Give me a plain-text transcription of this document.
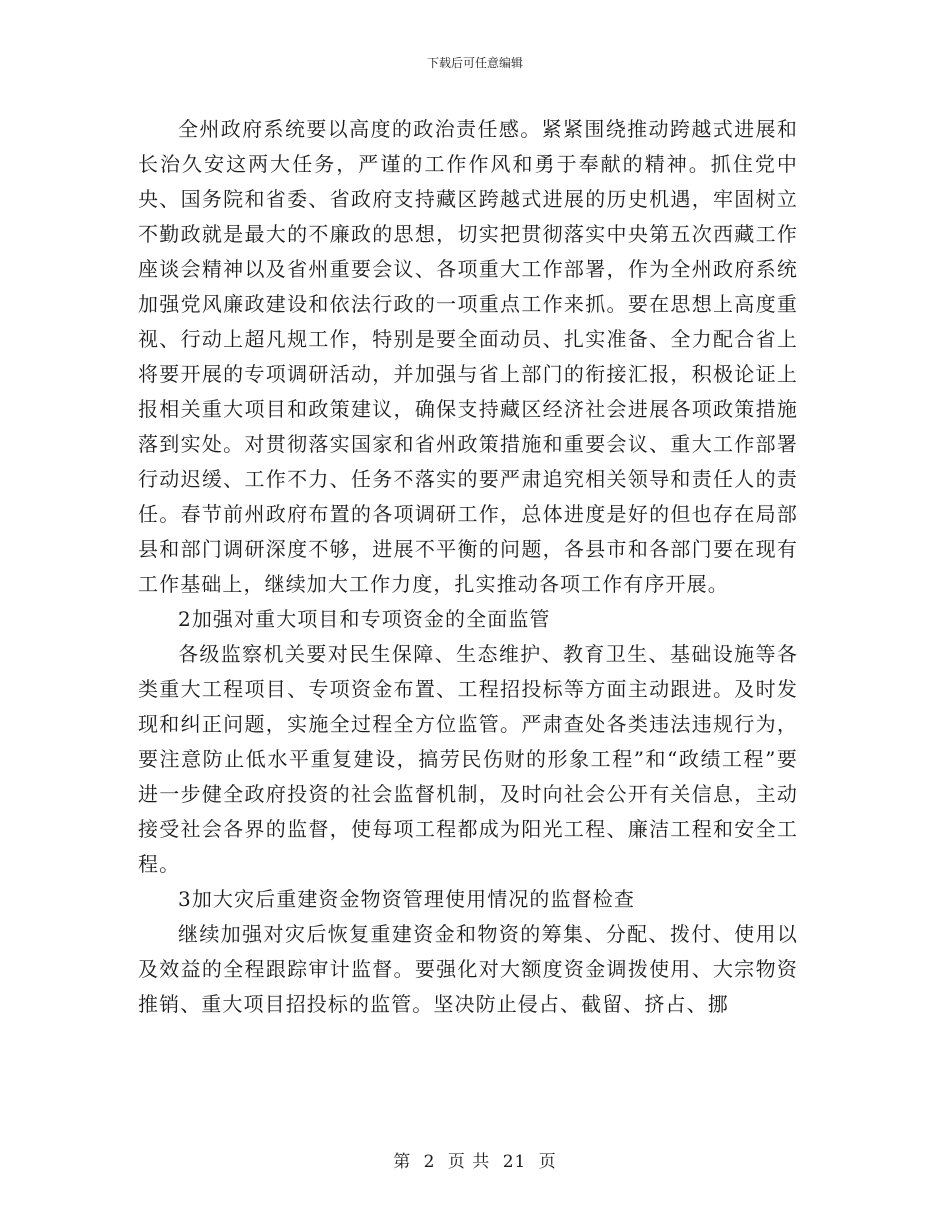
下载后可任意编辑

全州政府系统要以高度的政治责任感。紧紧围绕推动跨越式进展和长治久安这两大任务，严谨的工作作风和勇于奉献的精神。抓住党中央、国务院和省委、省政府支持藏区跨越式进展的历史机遇，牢固树立不勤政就是最大的不廉政的思想，切实把贯彻落实中央第五次西藏工作座谈会精神以及省州重要会议、各项重大工作部署，作为全州政府系统加强党风廉政建设和依法行政的一项重点工作来抓。要在思想上高度重视、行动上超凡规工作，特别是要全面动员、扎实准备、全力配合省上将要开展的专项调研活动，并加强与省上部门的衔接汇报，积极论证上报相关重大项目和政策建议，确保支持藏区经济社会进展各项政策措施落到实处。对贯彻落实国家和省州政策措施和重要会议、重大工作部署行动迟缓、工作不力、任务不落实的要严肃追究相关领导和责任人的责任。春节前州政府布置的各项调研工作，总体进度是好的但也存在局部县和部门调研深度不够，进展不平衡的问题，各县市和各部门要在现有工作基础上，继续加大工作力度，扎实推动各项工作有序开展。

2加强对重大项目和专项资金的全面监管

各级监察机关要对民生保障、生态维护、教育卫生、基础设施等各类重大工程项目、专项资金布置、工程招投标等方面主动跟进。及时发现和纠正问题，实施全过程全方位监管。严肃查处各类违法违规行为，要注意防止低水平重复建设，搞劳民伤财的形象工程”和“政绩工程”要进一步健全政府投资的社会监督机制，及时向社会公开有关信息，主动接受社会各界的监督，使每项工程都成为阳光工程、廉洁工程和安全工程。

3加大灾后重建资金物资管理使用情况的监督检查

继续加强对灾后恢复重建资金和物资的筹集、分配、拨付、使用以及效益的全程跟踪审计监督。要强化对大额度资金调拨使用、大宗物资推销、重大项目招投标的监管。坚决防止侵占、截留、挤占、挪

第 2 页 共 21 页
